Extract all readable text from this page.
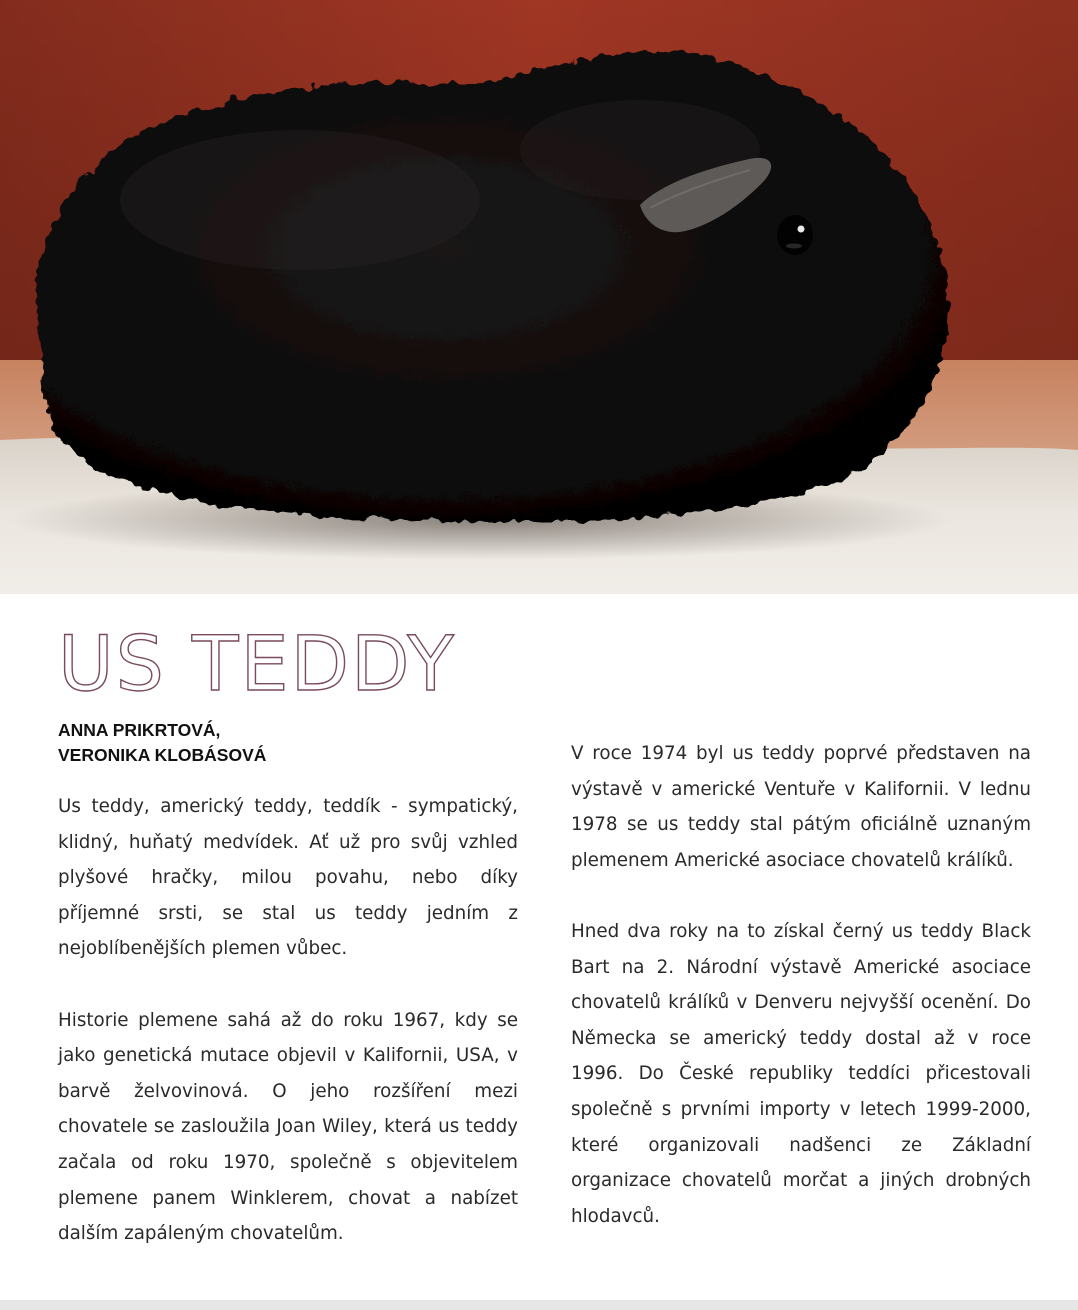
US TEDDY
ANNA PRIKRTOVÁ,
VERONIKA KLOBÁSOVÁ

Us teddy, americký teddy, teddík - sympatický, klidný, huňatý medvídek. Ať už pro svůj vzhled plyšové hračky, milou povahu, nebo díky příjemné srsti, se stal us teddy jedním z nejoblíbenějších plemen vůbec.

Historie plemene sahá až do roku 1967, kdy se jako genetická mutace objevil v Kalifornii, USA, v barvě želvovinová. O jeho rozšíření mezi chovatele se zasloužila Joan Wiley, která us teddy začala od roku 1970, společně s objevitelem plemene panem Winklerem, chovat a nabízet dalším zapáleným chovatelům.

V roce 1974 byl us teddy poprvé představen na výstavě v americké Ventuře v Kalifornii. V lednu 1978 se us teddy stal pátým oficiálně uznaným plemenem Americké asociace chovatelů králíků.

Hned dva roky na to získal černý us teddy Black Bart na 2. Národní výstavě Americké asociace chovatelů králíků v Denveru nejvyšší ocenění. Do Německa se americký teddy dostal až v roce 1996. Do České republiky teddíci přicestovali společně s prvními importy v letech 1999-2000, které organizovali nadšenci ze Základní organizace chovatelů morčat a jiných drobných hlodavců.
